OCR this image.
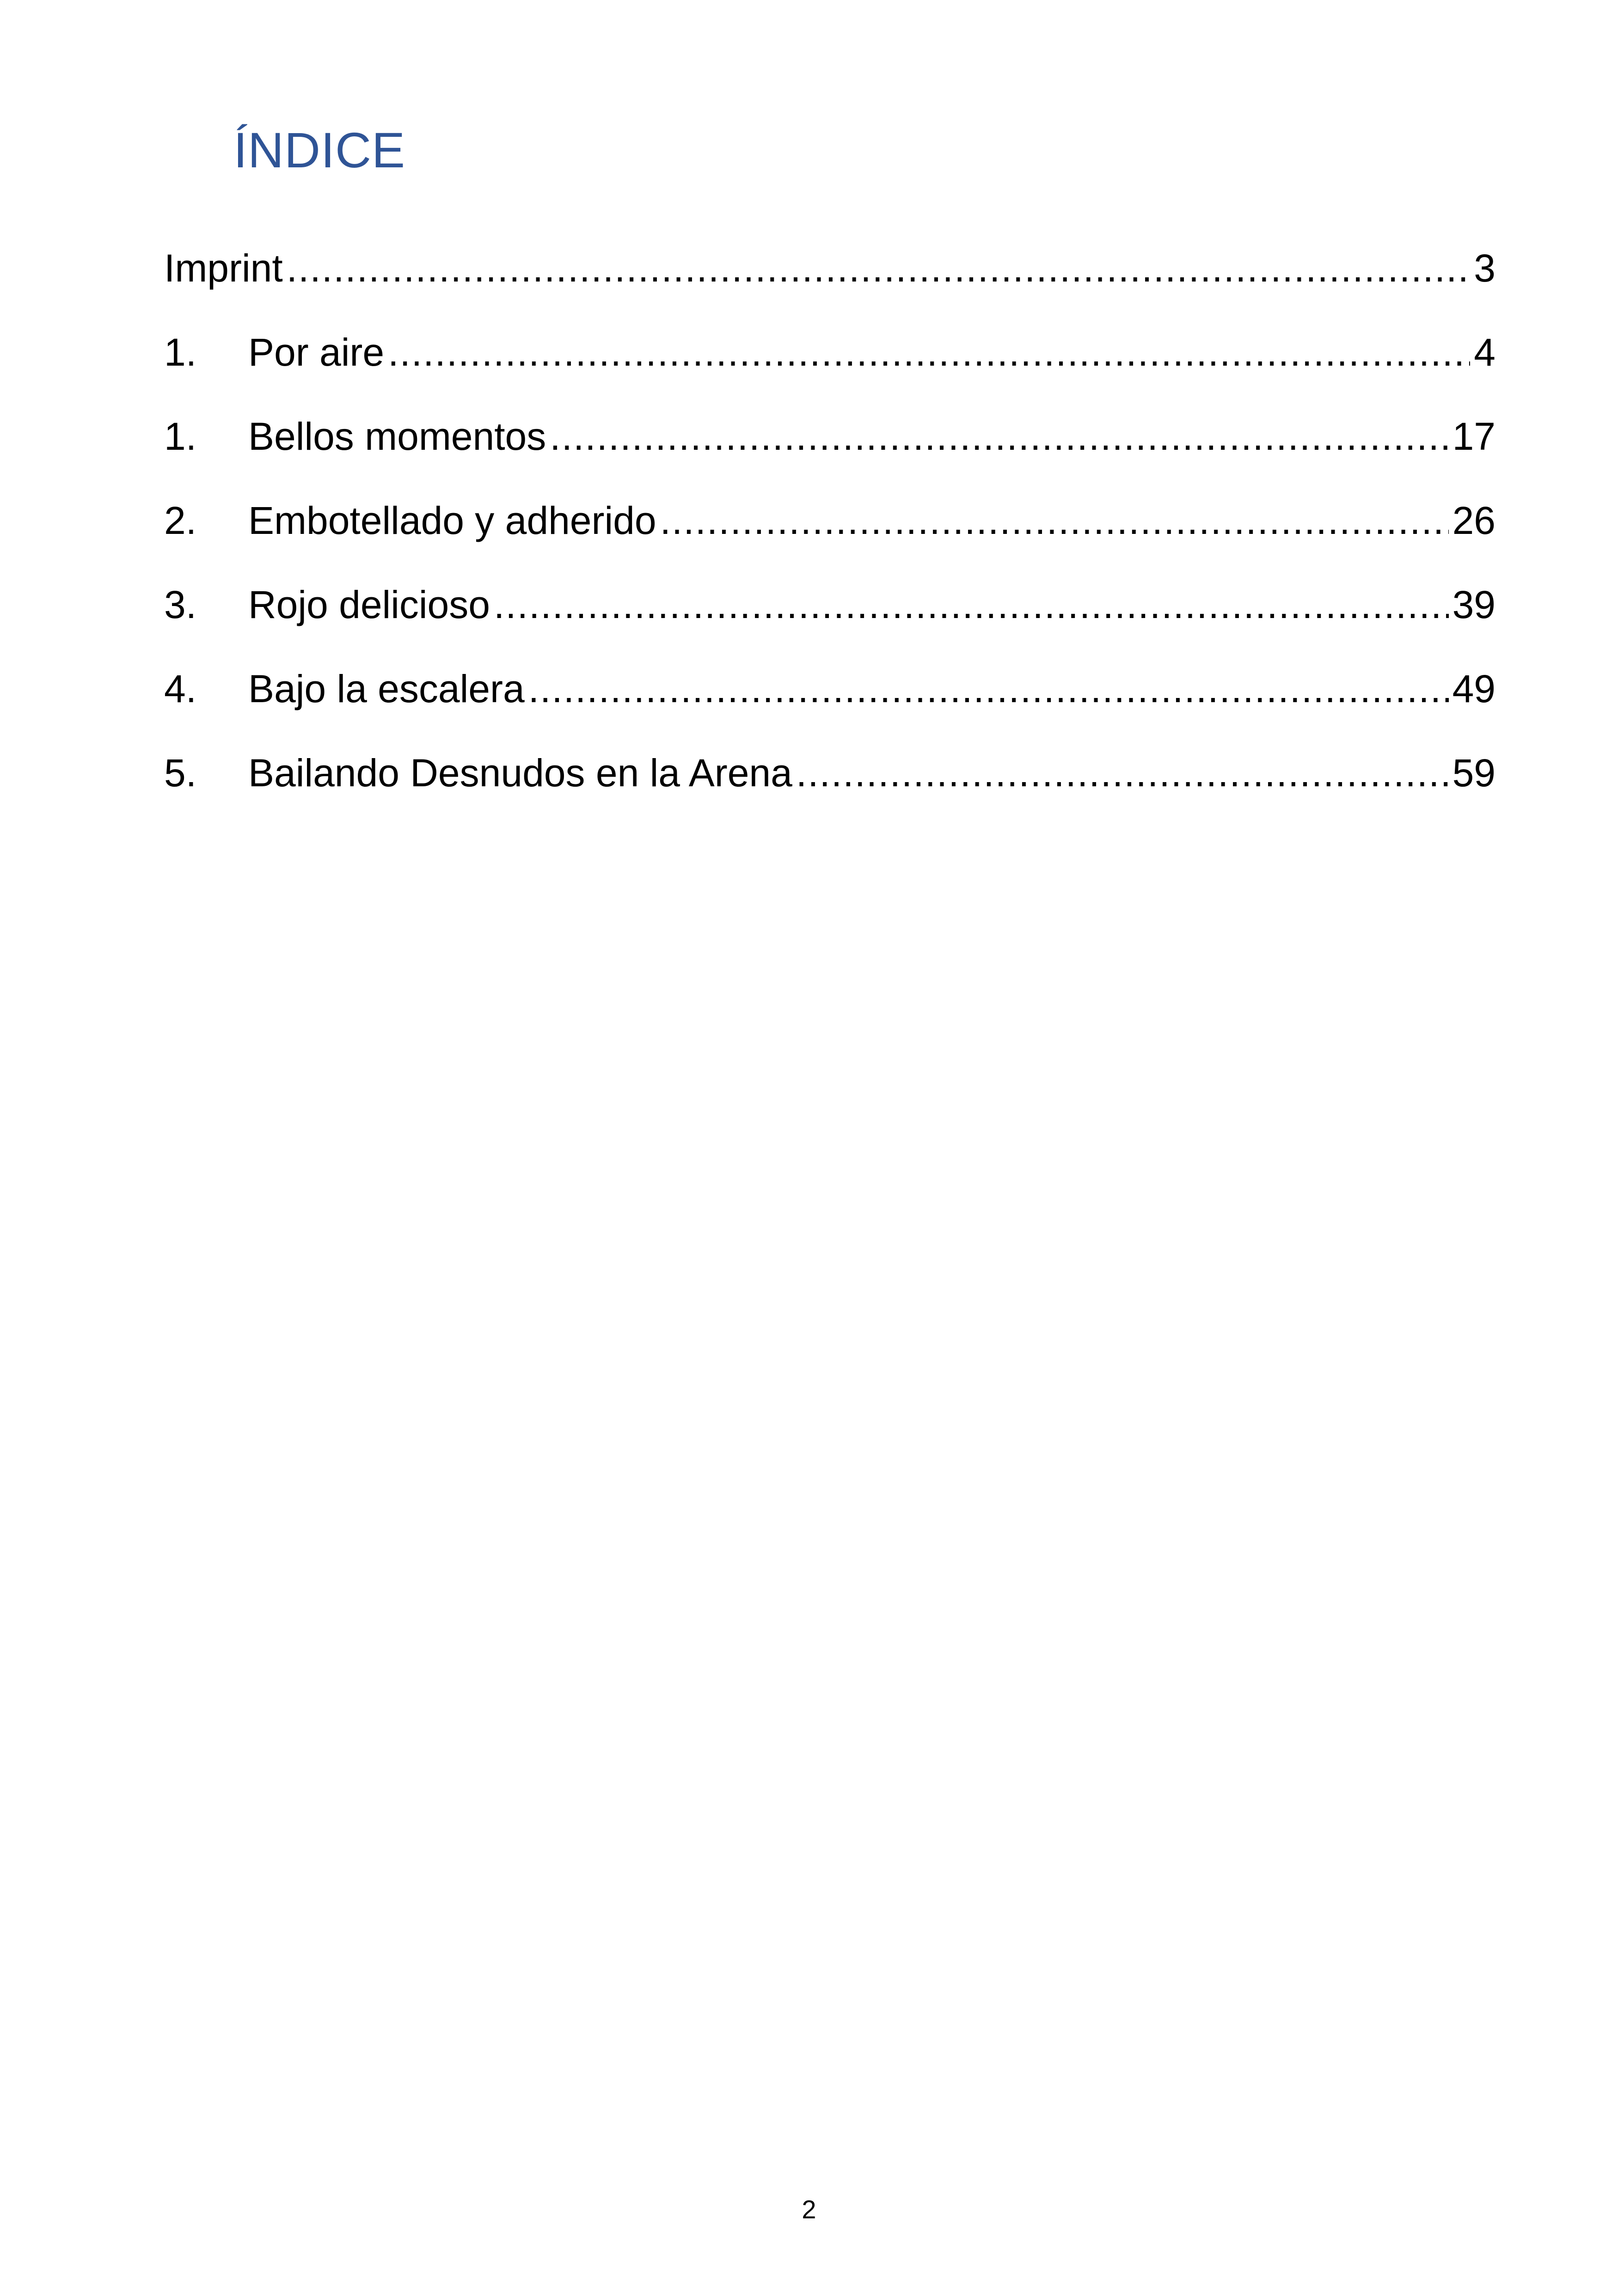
ÍNDICE
Imprint .....	3
1.	Por aire .....	4
1.	Bellos momentos .....	17
2.	Embotellado y adherido .....	26
3.	Rojo delicioso .....	39
4.	Bajo la escalera .....	49
5.	Bailando Desnudos en la Arena .....	59
2
